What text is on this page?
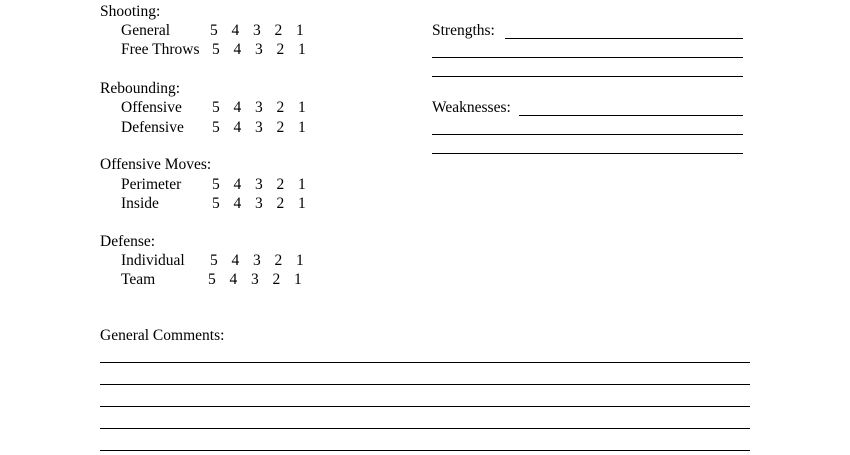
Shooting:
General	5 4 3 2 1
Free Throws 5 4 3 2 1
Rebounding:
Offensive 5 4 3 2 1
Defensive 5 4 3 2 1
Offensive Moves:
Perimeter 5 4 3 2 1
Inside	5 4 3 2 1
Defense:
Individual 5 4 3 2 1
Team	5 4 3 2 1
Strengths:
Weaknesses:
General Comments:
